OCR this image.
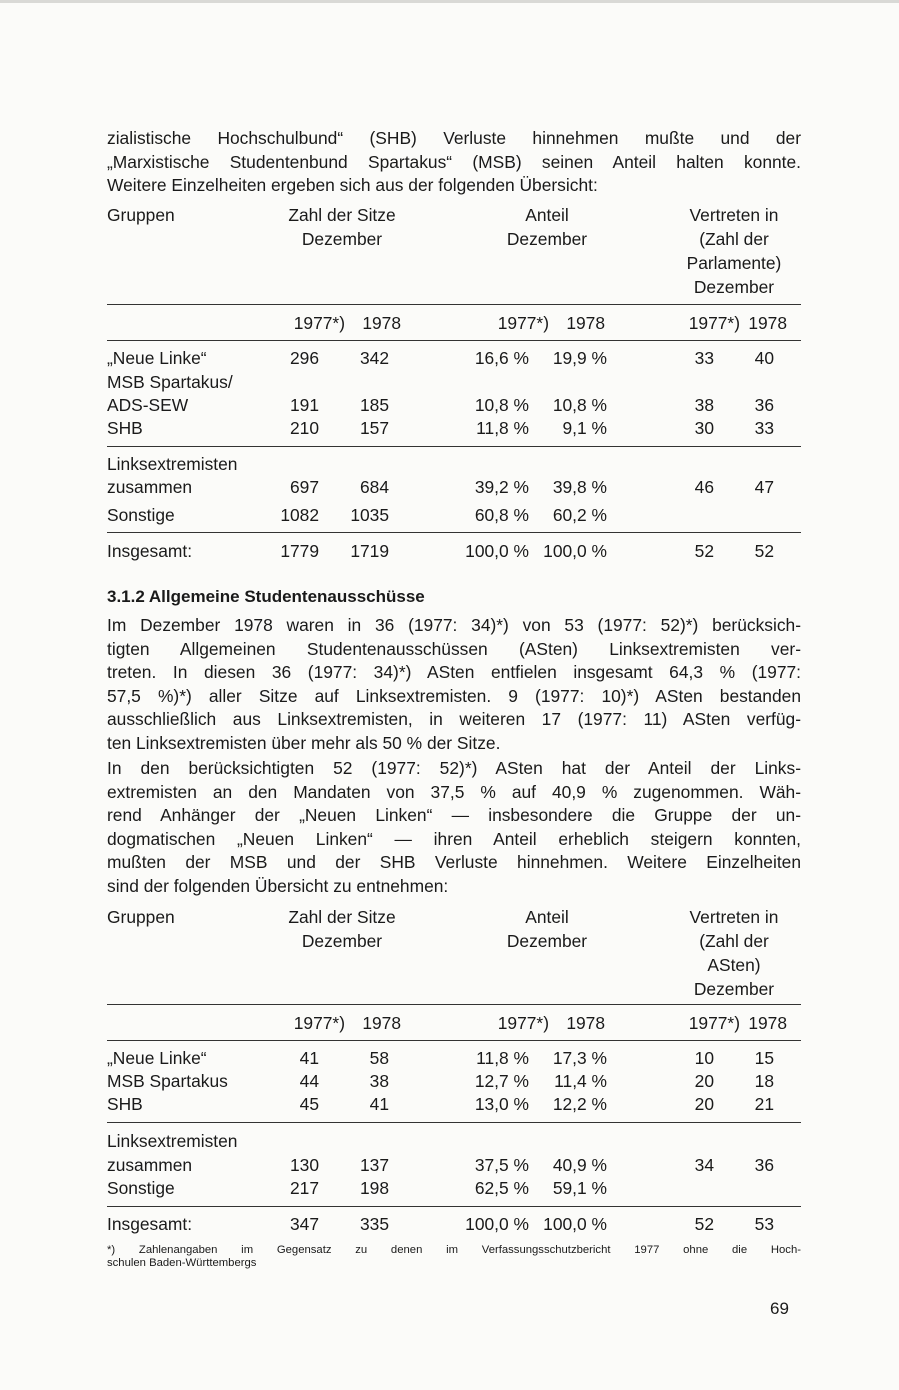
zialistische Hochschulbund“ (SHB) Verluste hinnehmen mußte und der
„Marxistische Studentenbund Spartakus“ (MSB) seinen Anteil halten konnte.
Weitere Einzelheiten ergeben sich aus der folgenden Übersicht:
Gruppen	Zahl der Sitze
Dezember
Anteil
Dezember
Vertreten in
(Zahl der
Parlamente)
Dezember
1977*) 1978	1977*) 1978	1977*) 1978
„Neue Linke“	296	342	16,6 %	19,9 %	33	40
MSB Spartakus/
ADS-SEW	191	185	10,8 %	10,8 %	38	36
SHB	210	157	11,8 %	9,1 %	30	33
Linksextremisten
zusammen	697	684	39,2 %	39,8 %	46	47
Sonstige	1082	1035	60,8 %	60,2 %
Insgesamt:	1779	1719	100,0 % 100,0 %	52	52
3.1.2 Allgemeine Studentenausschüsse
Im Dezember 1978 waren in 36 (1977: 34)*) von 53 (1977: 52)*) berücksich-
tigten Allgemeinen Studentenausschüssen (ASten) Linksextremisten ver-
treten. In diesen 36 (1977: 34)*) ASten entfielen insgesamt 64,3 % (1977:
57,5 %)*) aller Sitze auf Linksextremisten. 9 (1977: 10)*) ASten bestanden
ausschließlich aus Linksextremisten, in weiteren 17 (1977: 11) ASten verfüg-
ten Linksextremisten über mehr als 50 % der Sitze.
In den berücksichtigten 52 (1977: 52)*) ASten hat der Anteil der Links-
extremisten an den Mandaten von 37,5 % auf 40,9 % zugenommen. Wäh-
rend Anhänger der „Neuen Linken“ — insbesondere die Gruppe der un-
dogmatischen „Neuen Linken“ — ihren Anteil erheblich steigern konnten,
mußten der MSB und der SHB Verluste hinnehmen. Weitere Einzelheiten
sind der folgenden Übersicht zu entnehmen:
Gruppen	Zahl der Sitze
Dezember
Anteil
Dezember
Vertreten in
(Zahl der
ASten)
Dezember
1977*) 1978	1977*) 1978	1977*) 1978
„Neue Linke“	41	58	11,8 %	17,3 %	10	15
MSB Spartakus	44	38	12,7 %	11,4 %	20	18
SHB	45	41	13,0 %	12,2 %	20	21
Linksextremisten
zusammen	130	137	37,5 %	40,9 %	34	36
Sonstige	217	198	62,5 %	59,1 %
Insgesamt:	347	335	100,0 % 100,0 %	52	53
*) Zahlenangaben im Gegensatz zu denen im Verfassungsschutzbericht 1977 ohne die Hoch-
schulen Baden-Württembergs
69
